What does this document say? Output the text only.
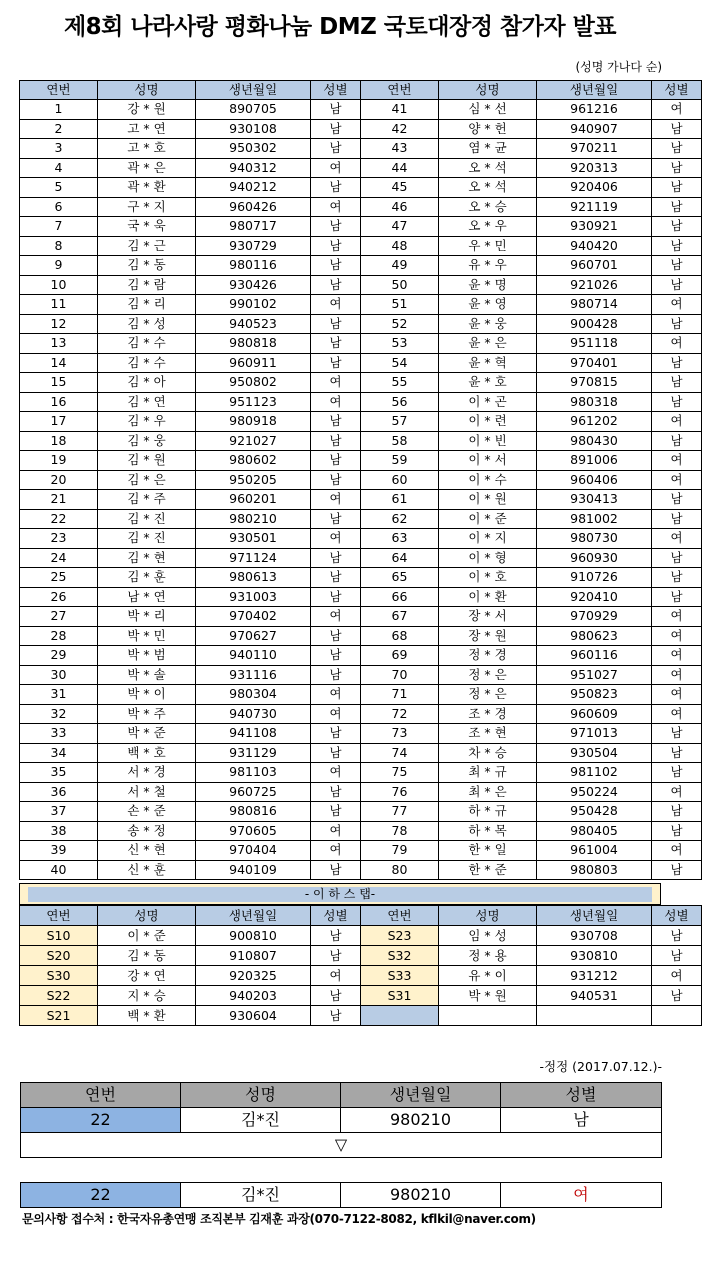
제8회 나라사랑 평화나눔 DMZ 국토대장정 참가자 발표
(성명 가나다 순)
연번	성명	생년월일	성별	연번	성명	생년월일	성별
1	강 * 원	890705	남	41	심 * 선	961216	여
2	고 * 연	930108	남	42	양 * 헌	940907	남
3	고 * 호	950302	남	43	염 * 균	970211	남
4	곽 * 은	940312	여	44	오 * 석	920313	남
5	곽 * 환	940212	남	45	오 * 석	920406	남
6	구 * 지	960426	여	46	오 * 승	921119	남
7	국 * 욱	980717	남	47	오 * 우	930921	남
8	김 * 근	930729	남	48	우 * 민	940420	남
9	김 * 동	980116	남	49	유 * 우	960701	남
10	김 * 람	930426	남	50	윤 * 명	921026	남
11	김 * 리	990102	여	51	윤 * 영	980714	여
12	김 * 성	940523	남	52	윤 * 웅	900428	남
13	김 * 수	980818	남	53	윤 * 은	951118	여
14	김 * 수	960911	남	54	윤 * 혁	970401	남
15	김 * 아	950802	여	55	윤 * 호	970815	남
16	김 * 연	951123	여	56	이 * 곤	980318	남
17	김 * 우	980918	남	57	이 * 련	961202	여
18	김 * 웅	921027	남	58	이 * 빈	980430	남
19	김 * 원	980602	남	59	이 * 서	891006	여
20	김 * 은	950205	남	60	이 * 수	960406	여
21	김 * 주	960201	여	61	이 * 원	930413	남
22	김 * 진	980210	남	62	이 * 준	981002	남
23	김 * 진	930501	여	63	이 * 지	980730	여
24	김 * 현	971124	남	64	이 * 형	960930	남
25	김 * 훈	980613	남	65	이 * 호	910726	남
26	남 * 연	931003	남	66	이 * 환	920410	남
27	박 * 리	970402	여	67	장 * 서	970929	여
28	박 * 민	970627	남	68	장 * 원	980623	여
29	박 * 범	940110	남	69	정 * 경	960116	여
30	박 * 솔	931116	남	70	정 * 은	951027	여
31	박 * 이	980304	여	71	정 * 은	950823	여
32	박 * 주	940730	여	72	조 * 경	960609	여
33	박 * 준	941108	남	73	조 * 현	971013	남
34	백 * 호	931129	남	74	차 * 승	930504	남
35	서 * 경	981103	여	75	최 * 규	981102	남
36	서 * 철	960725	남	76	최 * 은	950224	여
37	손 * 준	980816	남	77	하 * 규	950428	남
38	송 * 정	970605	여	78	하 * 목	980405	남
39	신 * 현	970404	여	79	한 * 일	961004	여
40	신 * 훈	940109	남	80	한 * 준	980803	남
- 이 하 스 탭-
연번	성명	생년월일	성별	연번	성명	생년월일	성별
S10	이 * 준	900810	남	S23	임 * 성	930708	남
S20	김 * 동	910807	남	S32	정 * 용	930810	남
S30	강 * 연	920325	여	S33	유 * 이	931212	여
S22	지 * 승	940203	남	S31	박 * 원	940531	남
S21	백 * 환	930604	남				
-정정 (2017.07.12.)-
연번	성명	생년월일	성별
22	김*진	980210	남
▽			

22	김*진	980210	여
문의사항 접수처 : 한국자유총연맹 조직본부 김재훈 과장(070-7122-8082, kflkil@naver.com)
